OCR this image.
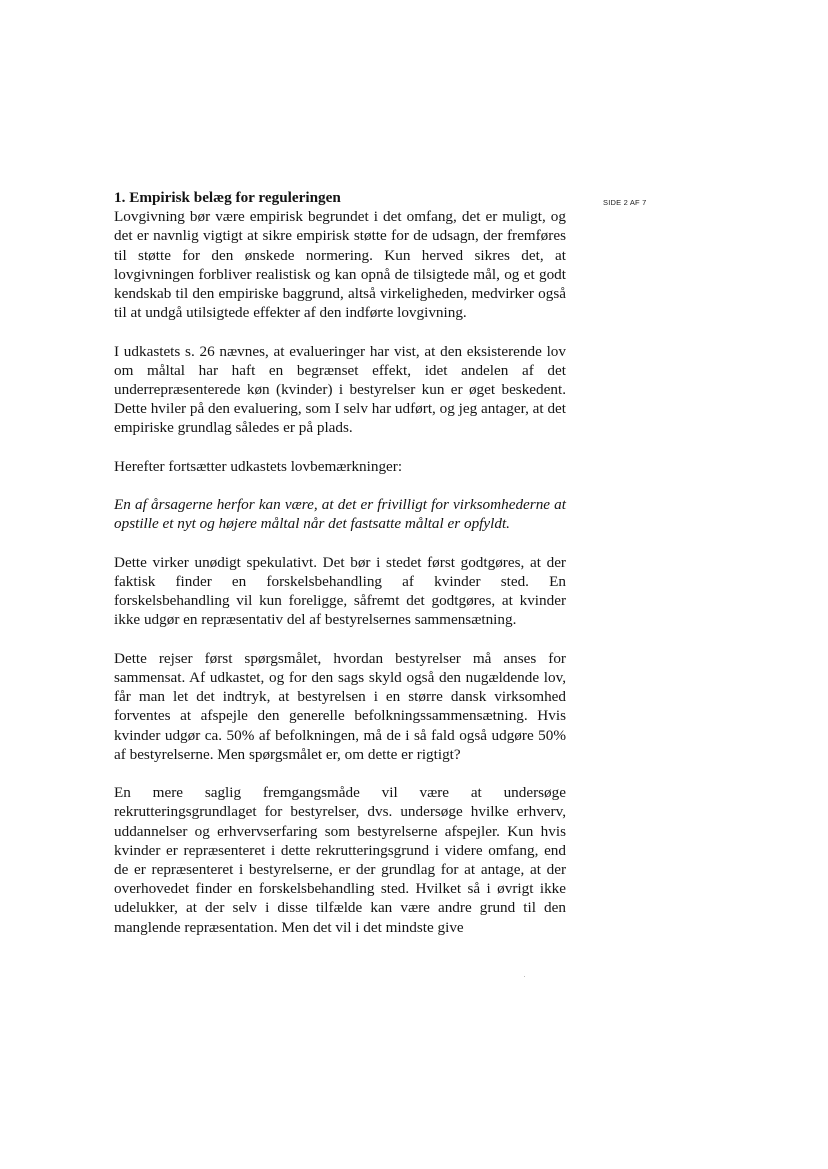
SIDE 2 AF 7
1. Empirisk belæg for reguleringen

Lovgivning bør være empirisk begrundet i det omfang, det er muligt, og det er navnlig vigtigt at sikre empirisk støtte for de udsagn, der fremføres til støtte for den ønskede normering. Kun herved sikres det, at lovgivningen forbliver realistisk og kan opnå de tilsigtede mål, og et godt kendskab til den empiriske baggrund, altså virkeligheden, medvirker også til at undgå utilsigtede effekter af den indførte lovgivning.

I udkastets s. 26 nævnes, at evalueringer har vist, at den eksisterende lov om måltal har haft en begrænset effekt, idet andelen af det underrepræsenterede køn (kvinder) i bestyrelser kun er øget beskedent. Dette hviler på den evaluering, som I selv har udført, og jeg antager, at det empiriske grundlag således er på plads.

Herefter fortsætter udkastets lovbemærkninger:

En af årsagerne herfor kan være, at det er frivilligt for virksomhederne at opstille et nyt og højere måltal når det fastsatte måltal er opfyldt.

Dette virker unødigt spekulativt. Det bør i stedet først godtgøres, at der faktisk finder en forskelsbehandling af kvinder sted. En forskelsbehandling vil kun foreligge, såfremt det godtgøres, at kvinder ikke udgør en repræsentativ del af bestyrelsernes sammensætning.

Dette rejser først spørgsmålet, hvordan bestyrelser må anses for sammensat. Af udkastet, og for den sags skyld også den nugældende lov, får man let det indtryk, at bestyrelsen i en større dansk virksomhed forventes at afspejle den generelle befolkningssammensætning. Hvis kvinder udgør ca. 50% af befolkningen, må de i så fald også udgøre 50% af bestyrelserne. Men spørgsmålet er, om dette er rigtigt?

En mere saglig fremgangsmåde vil være at undersøge rekrutteringsgrundlaget for bestyrelser, dvs. undersøge hvilke erhverv, uddannelser og erhvervserfaring som bestyrelserne afspejler. Kun hvis kvinder er repræsenteret i dette rekrutteringsgrund i videre omfang, end de er repræsenteret i bestyrelserne, er der grundlag for at antage, at der overhovedet finder en forskelsbehandling sted. Hvilket så i øvrigt ikke udelukker, at der selv i disse tilfælde kan være andre grund til den manglende repræsentation. Men det vil i det mindste give
